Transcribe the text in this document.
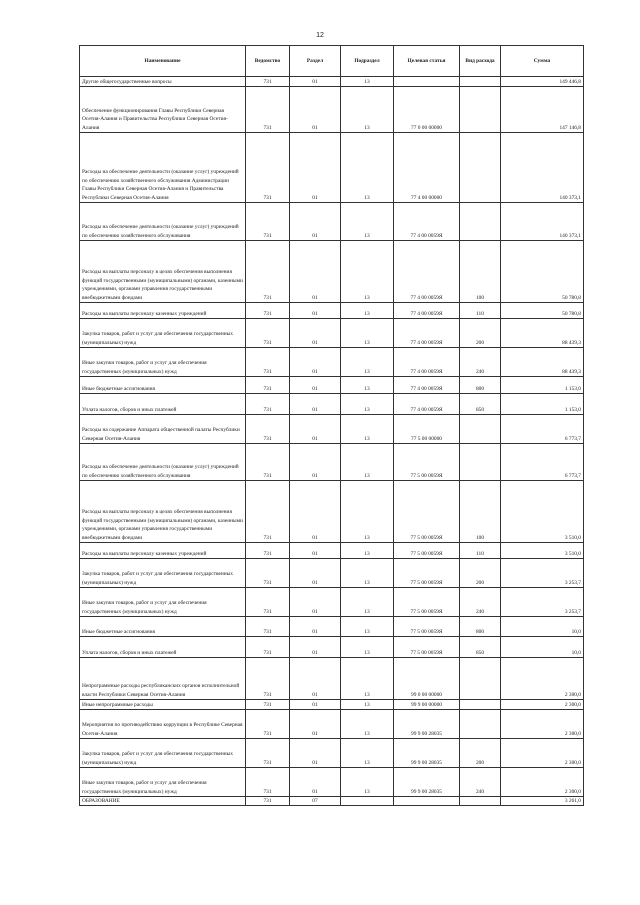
12
Наименование	Ведомство	Раздел	Подраздел	Целевая статья	Вид расхода	Сумма
Другие общегосударственные вопросы	731	01	13			149 446,8
Обеспечение функционирования Главы Республики Северная Осетия-Алания и Правительства Республики Северная Осетия-Алания	731	01	13	77 0 00 00000		147 146,8
Расходы на обеспечение деятельности (оказание услуг) учреждений по обеспечению хозяйственного обслуживания Администрации Главы Республики Северная Осетия-Алания и Правительства Республики Северная Осетия-Алания	731	01	13	77 4 00 00000		140 373,1
Расходы на обеспечение деятельности (оказание услуг) учреждений по обеспечению хозяйственного обслуживания	731	01	13	77 4 00 0059Я		140 373,1
Расходы на выплаты персоналу в целях обеспечения выполнения функций государственными (муниципальными) органами, казенными учреждениями, органами управления государственными внебюджетными фондами	731	01	13	77 4 00 0059Я	100	50 780,8
Расходы на выплаты персоналу казенных учреждений	731	01	13	77 4 00 0059Я	110	50 780,8
Закупка товаров, работ и услуг для обеспечения государственных (муниципальных) нужд	731	01	13	77 4 00 0059Я	200	88 439,3
Иные закупки товаров, работ и услуг для обеспечения государственных (муниципальных) нужд	731	01	13	77 4 00 0059Я	240	88 439,3
Иные бюджетные ассигнования	731	01	13	77 4 00 0059Я	800	1 153,0
Уплата налогов, сборов и иных платежей	731	01	13	77 4 00 0059Я	850	1 153,0
Расходы на содержание Аппарата общественной палаты Республики Северная Осетия-Алания	731	01	13	77 5 00 00000		6 773,7
Расходы на обеспечение деятельности (оказание услуг) учреждений по обеспечению хозяйственного обслуживания	731	01	13	77 5 00 0059Я		6 773,7
Расходы на выплаты персоналу в целях обеспечения выполнения функций государственными (муниципальными) органами, казенными учреждениями, органами управления государственными внебюджетными фондами	731	01	13	77 5 00 0059Я	100	3 510,0
Расходы на выплаты персоналу казенных учреждений	731	01	13	77 5 00 0059Я	110	3 510,0
Закупка товаров, работ и услуг для обеспечения государственных (муниципальных) нужд	731	01	13	77 5 00 0059Я	200	3 253,7
Иные закупки товаров, работ и услуг для обеспечения государственных (муниципальных) нужд	731	01	13	77 5 00 0059Я	240	3 253,7
Иные бюджетные ассигнования	731	01	13	77 5 00 0059Я	800	10,0
Уплата налогов, сборов и иных платежей	731	01	13	77 5 00 0059Я	850	10,0
Непрограммные расходы республиканских органов исполнительной власти Республики Северная Осетия-Алания	731	01	13	99 0 00 00000		2 300,0
Иные непрограммные расходы	731	01	13	99 9 00 00000		2 300,0
Мероприятия по противодействию коррупции в Республике Северная Осетия-Алания	731	01	13	99 9 00 28035		2 300,0
Закупка товаров, работ и услуг для обеспечения государственных (муниципальных) нужд	731	01	13	99 9 00 28035	200	2 300,0
Иные закупки товаров, работ и услуг для обеспечения государственных (муниципальных) нужд	731	01	13	99 9 00 28035	240	2 300,0
ОБРАЗОВАНИЕ	731	07				3 261,0
